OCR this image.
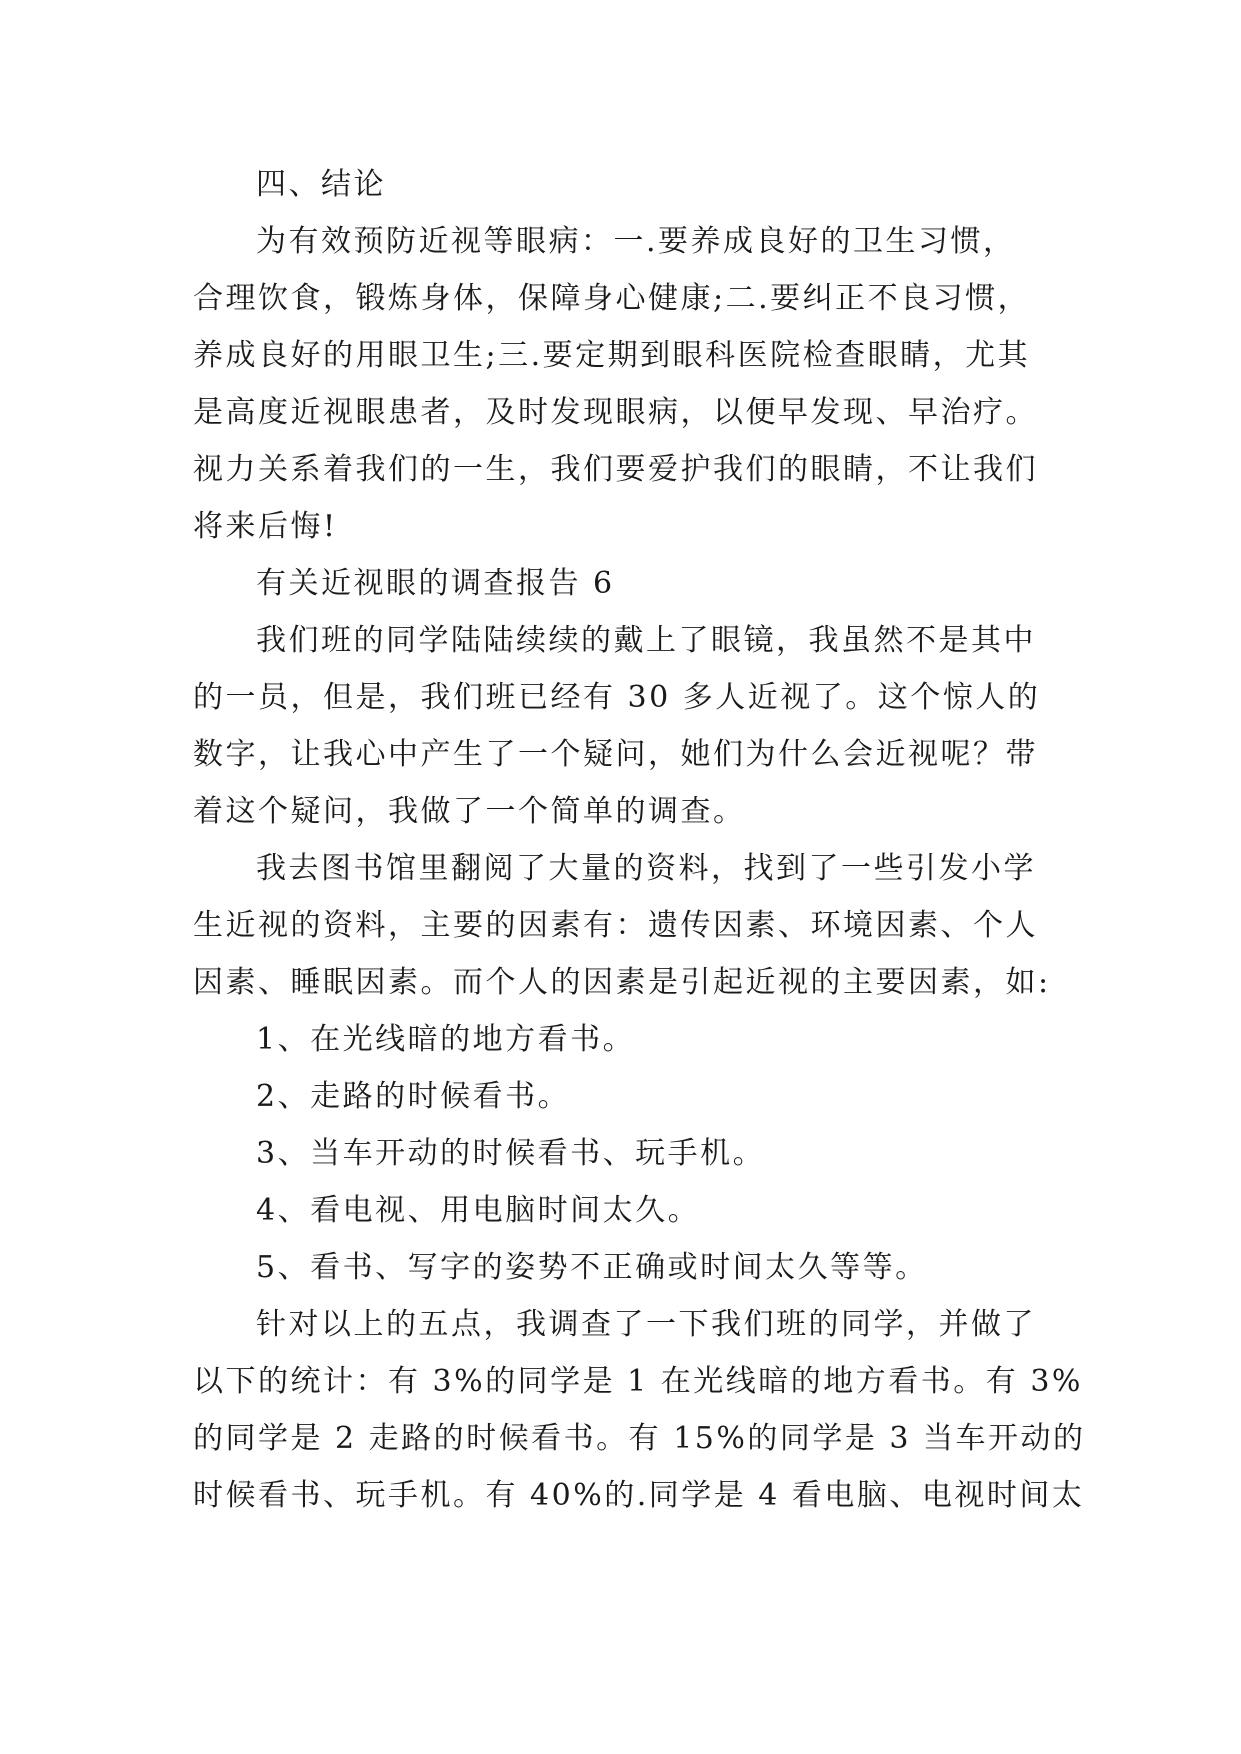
四、结论
为有效预防近视等眼病：一.要养成良好的卫生习惯，
合理饮食，锻炼身体，保障身心健康;二.要纠正不良习惯，
养成良好的用眼卫生;三.要定期到眼科医院检查眼睛，尤其
是高度近视眼患者，及时发现眼病，以便早发现、早治疗。
视力关系着我们的一生，我们要爱护我们的眼睛，不让我们
将来后悔!
有关近视眼的调查报告 6
我们班的同学陆陆续续的戴上了眼镜，我虽然不是其中
的一员，但是，我们班已经有 30 多人近视了。这个惊人的
数字，让我心中产生了一个疑问，她们为什么会近视呢？带
着这个疑问，我做了一个简单的调查。
我去图书馆里翻阅了大量的资料，找到了一些引发小学
生近视的资料，主要的因素有：遗传因素、环境因素、个人
因素、睡眠因素。而个人的因素是引起近视的主要因素，如:
1、在光线暗的地方看书。
2、走路的时候看书。
3、当车开动的时候看书、玩手机。
4、看电视、用电脑时间太久。
5、看书、写字的姿势不正确或时间太久等等。
针对以上的五点，我调查了一下我们班的同学，并做了
以下的统计：有 3%的同学是 1 在光线暗的地方看书。有 3%
的同学是 2 走路的时候看书。有 15%的同学是 3 当车开动的
时候看书、玩手机。有 40%的.同学是 4 看电脑、电视时间太
